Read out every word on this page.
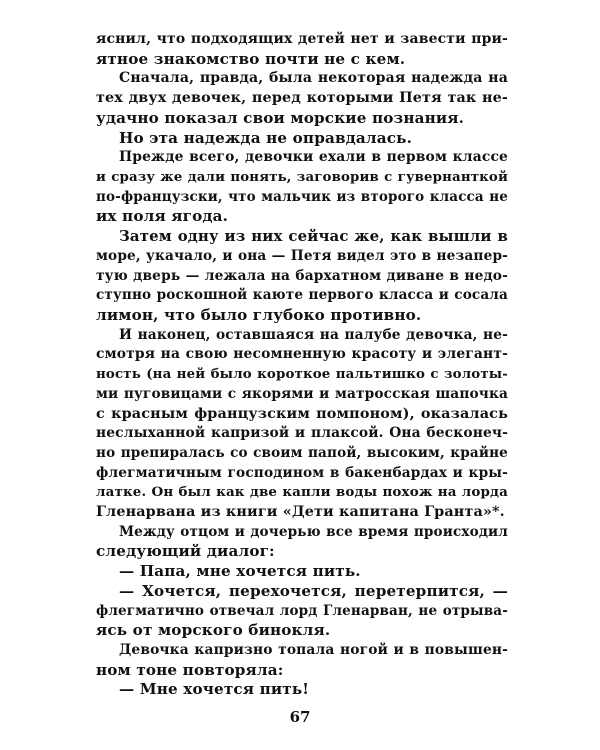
яснил, что подходящих детей нет и завести при-
ятное знакомство почти не с кем.
Сначала, правда, была некоторая надежда на
тех двух девочек, перед которыми Петя так не-
удачно показал свои морские познания.
Но эта надежда не оправдалась.
Прежде всего, девочки ехали в первом классе
и сразу же дали понять, заговорив с гувернанткой
по-французски, что мальчик из второго класса не
их поля ягода.
Затем одну из них сейчас же, как вышли в
море, укачало, и она — Петя видел это в незапер-
тую дверь — лежала на бархатном диване в недо-
ступно роскошной каюте первого класса и сосала
лимон, что было глубоко противно.
И наконец, оставшаяся на палубе девочка, не-
смотря на свою несомненную красоту и элегант-
ность (на ней было короткое пальтишко с золоты-
ми пуговицами с якорями и матросская шапочка
с красным французским помпоном), оказалась
неслыханной капризой и плаксой. Она бесконеч-
но препиралась со своим папой, высоким, крайне
флегматичным господином в бакенбардах и кры-
латке. Он был как две капли воды похож на лорда
Гленарвана из книги «Дети капитана Гранта»*.
Между отцом и дочерью все время происходил
следующий диалог:
— Папа, мне хочется пить.
— Хочется, перехочется, перетерпится, —
флегматично отвечал лорд Гленарван, не отрыва-
ясь от морского бинокля.
Девочка капризно топала ногой и в повышен-
ном тоне повторяла:
— Мне хочется пить!
67
